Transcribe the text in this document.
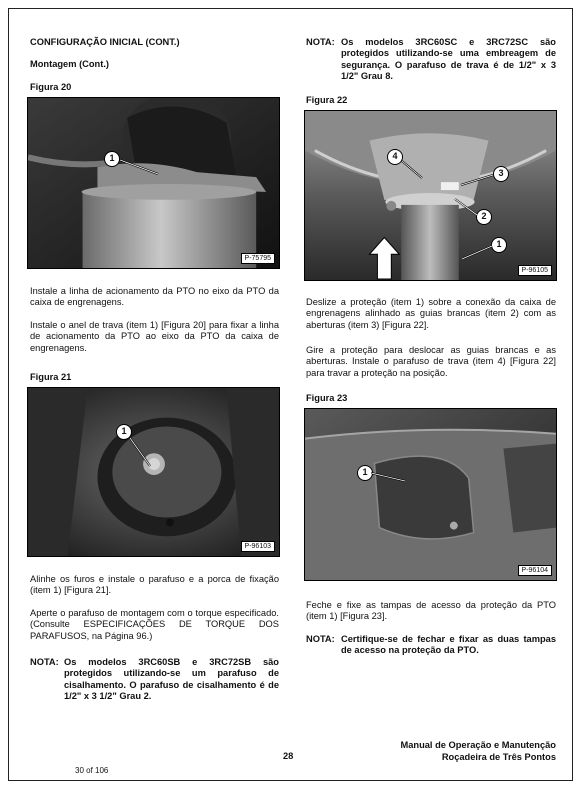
CONFIGURAÇÃO INICIAL (CONT.)
Montagem (Cont.)
Figura 20
1
P-75795

Instale a linha de acionamento da PTO no eixo da PTO da caixa de engrenagens.

Instale o anel de trava (item 1) [Figura 20] para fixar a linha de acionamento da PTO ao eixo da PTO da caixa de engrenagens.

Figura 21
1
P-96103

Alinhe os furos e instale o parafuso e a porca de fixação (item 1) [Figura 21].

Aperte o parafuso de montagem com o torque especificado. (Consulte ESPECIFICAÇÕES DE TORQUE DOS PARAFUSOS, na Página 96.)

NOTA: Os modelos 3RC60SB e 3RC72SB são protegidos utilizando-se um parafuso de cisalhamento. O parafuso de cisalhamento é de 1/2" x 3 1/2" Grau 2.
NOTA: Os modelos 3RC60SC e 3RC72SC são protegidos utilizando-se uma embreagem de segurança. O parafuso de trava é de 1/2" x 3 1/2" Grau 8.
Figura 22
4
3
2
1
P-96105

Deslize a proteção (item 1) sobre a conexão da caixa de engrenagens alinhado as guias brancas (item 2) com as aberturas (item 3) [Figura 22].

Gire a proteção para deslocar as guias brancas e as aberturas. Instale o parafuso de trava (item 4) [Figura 22] para travar a proteção na posição.

Figura 23
1
P-96104

Feche e fixe as tampas de acesso da proteção da PTO (item 1) [Figura 23].

NOTA: Certifique-se de fechar e fixar as duas tampas de acesso na proteção da PTO.
28
Manual de Operação e Manutenção
Roçadeira de Três Pontos
30 of 106
